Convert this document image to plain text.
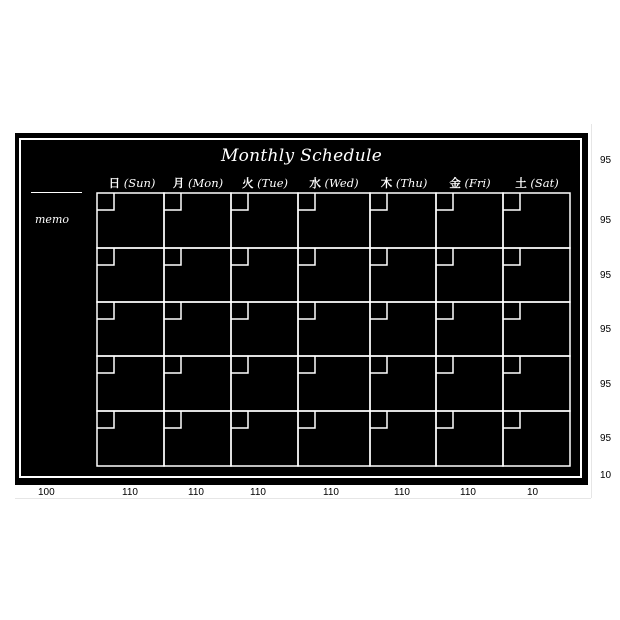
Monthly Schedule
memo
日 (Sun)	月 (Mon)	火 (Tue)	水 (Wed)	木 (Thu)	金 (Fri)	土 (Sat)
95
95
95
95
95
95
10
100	110	110	110	110	110	110	10
